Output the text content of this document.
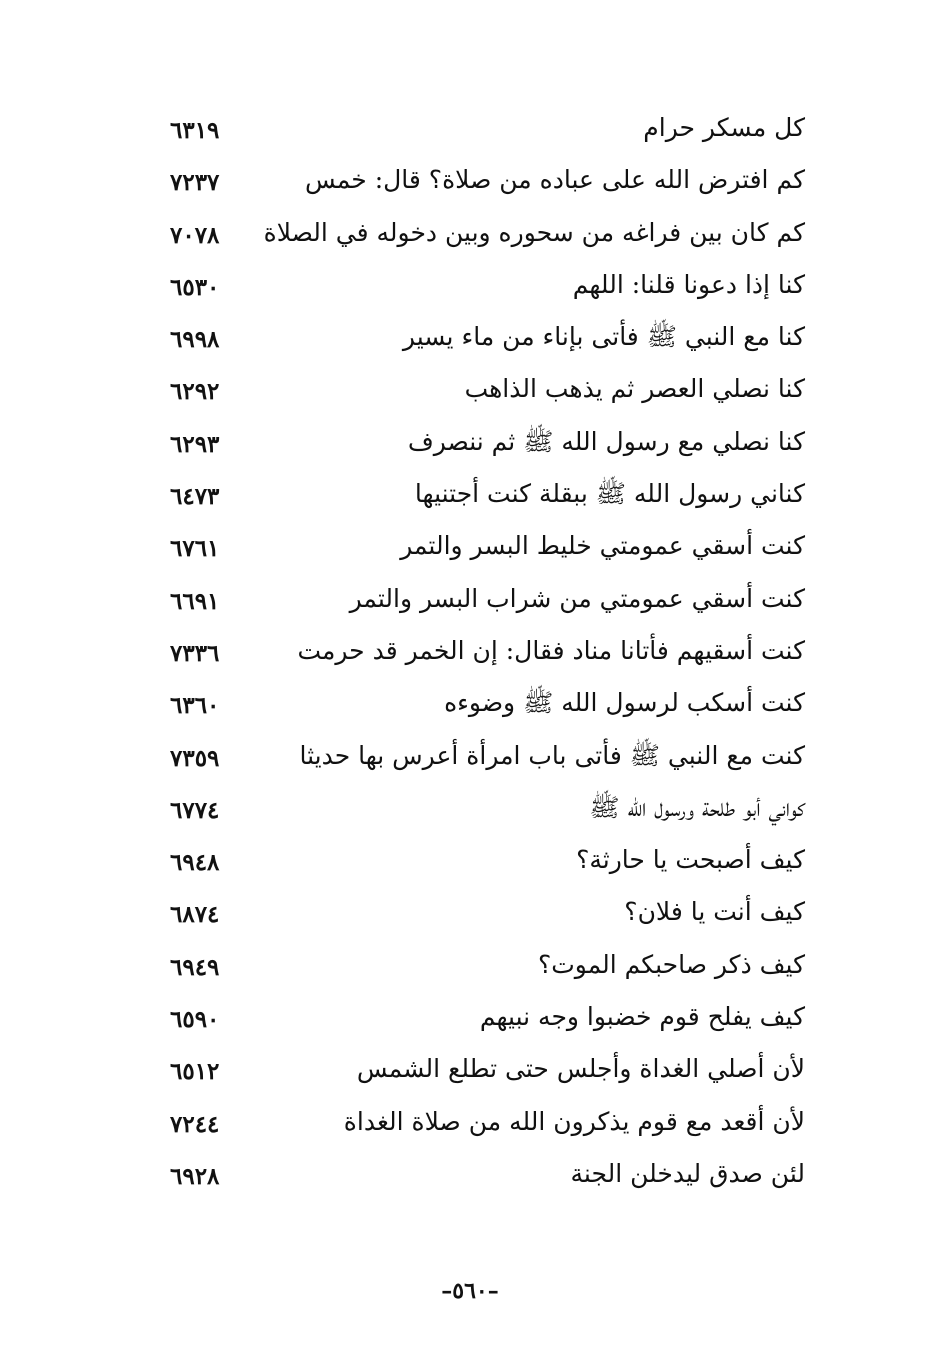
كل مسكر حرام
٦٣١٩
كم افترض الله على عباده من صلاة؟ قال: خمس
٧٢٣٧
كم كان بين فراغه من سحوره وبين دخوله في الصلاة
٧٠٧٨
كنا إذا دعونا قلنا: اللهم
٦٥٣٠
كنا مع النبي ﷺ فأتى بإناء من ماء يسير
٦٩٩٨
كنا نصلي العصر ثم يذهب الذاهب
٦٢٩٢
كنا نصلي مع رسول الله ﷺ ثم ننصرف
٦٢٩٣
كناني رسول الله ﷺ ببقلة كنت أجتنيها
٦٤٧٣
كنت أسقي عمومتي خليط البسر والتمر
٦٧٦١
كنت أسقي عمومتي من شراب البسر والتمر
٦٦٩١
كنت أسقيهم فأتانا مناد فقال: إن الخمر قد حرمت
٧٣٣٦
كنت أسكب لرسول الله ﷺ وضوءه
٦٣٦٠
كنت مع النبي ﷺ فأتى باب امرأة أعرس بها حديثا
٧٣٥٩
كواني أبو طلحة ورسول الله ﷺ
٦٧٧٤
كيف أصبحت يا حارثة؟
٦٩٤٨
كيف أنت يا فلان؟
٦٨٧٤
كيف ذكر صاحبكم الموت؟
٦٩٤٩
كيف يفلح قوم خضبوا وجه نبيهم
٦٥٩٠
لأن أصلي الغداة وأجلس حتى تطلع الشمس
٦٥١٢
لأن أقعد مع قوم يذكرون الله من صلاة الغداة
٧٢٤٤
لئن صدق ليدخلن الجنة
٦٩٢٨
–٥٦٠–
